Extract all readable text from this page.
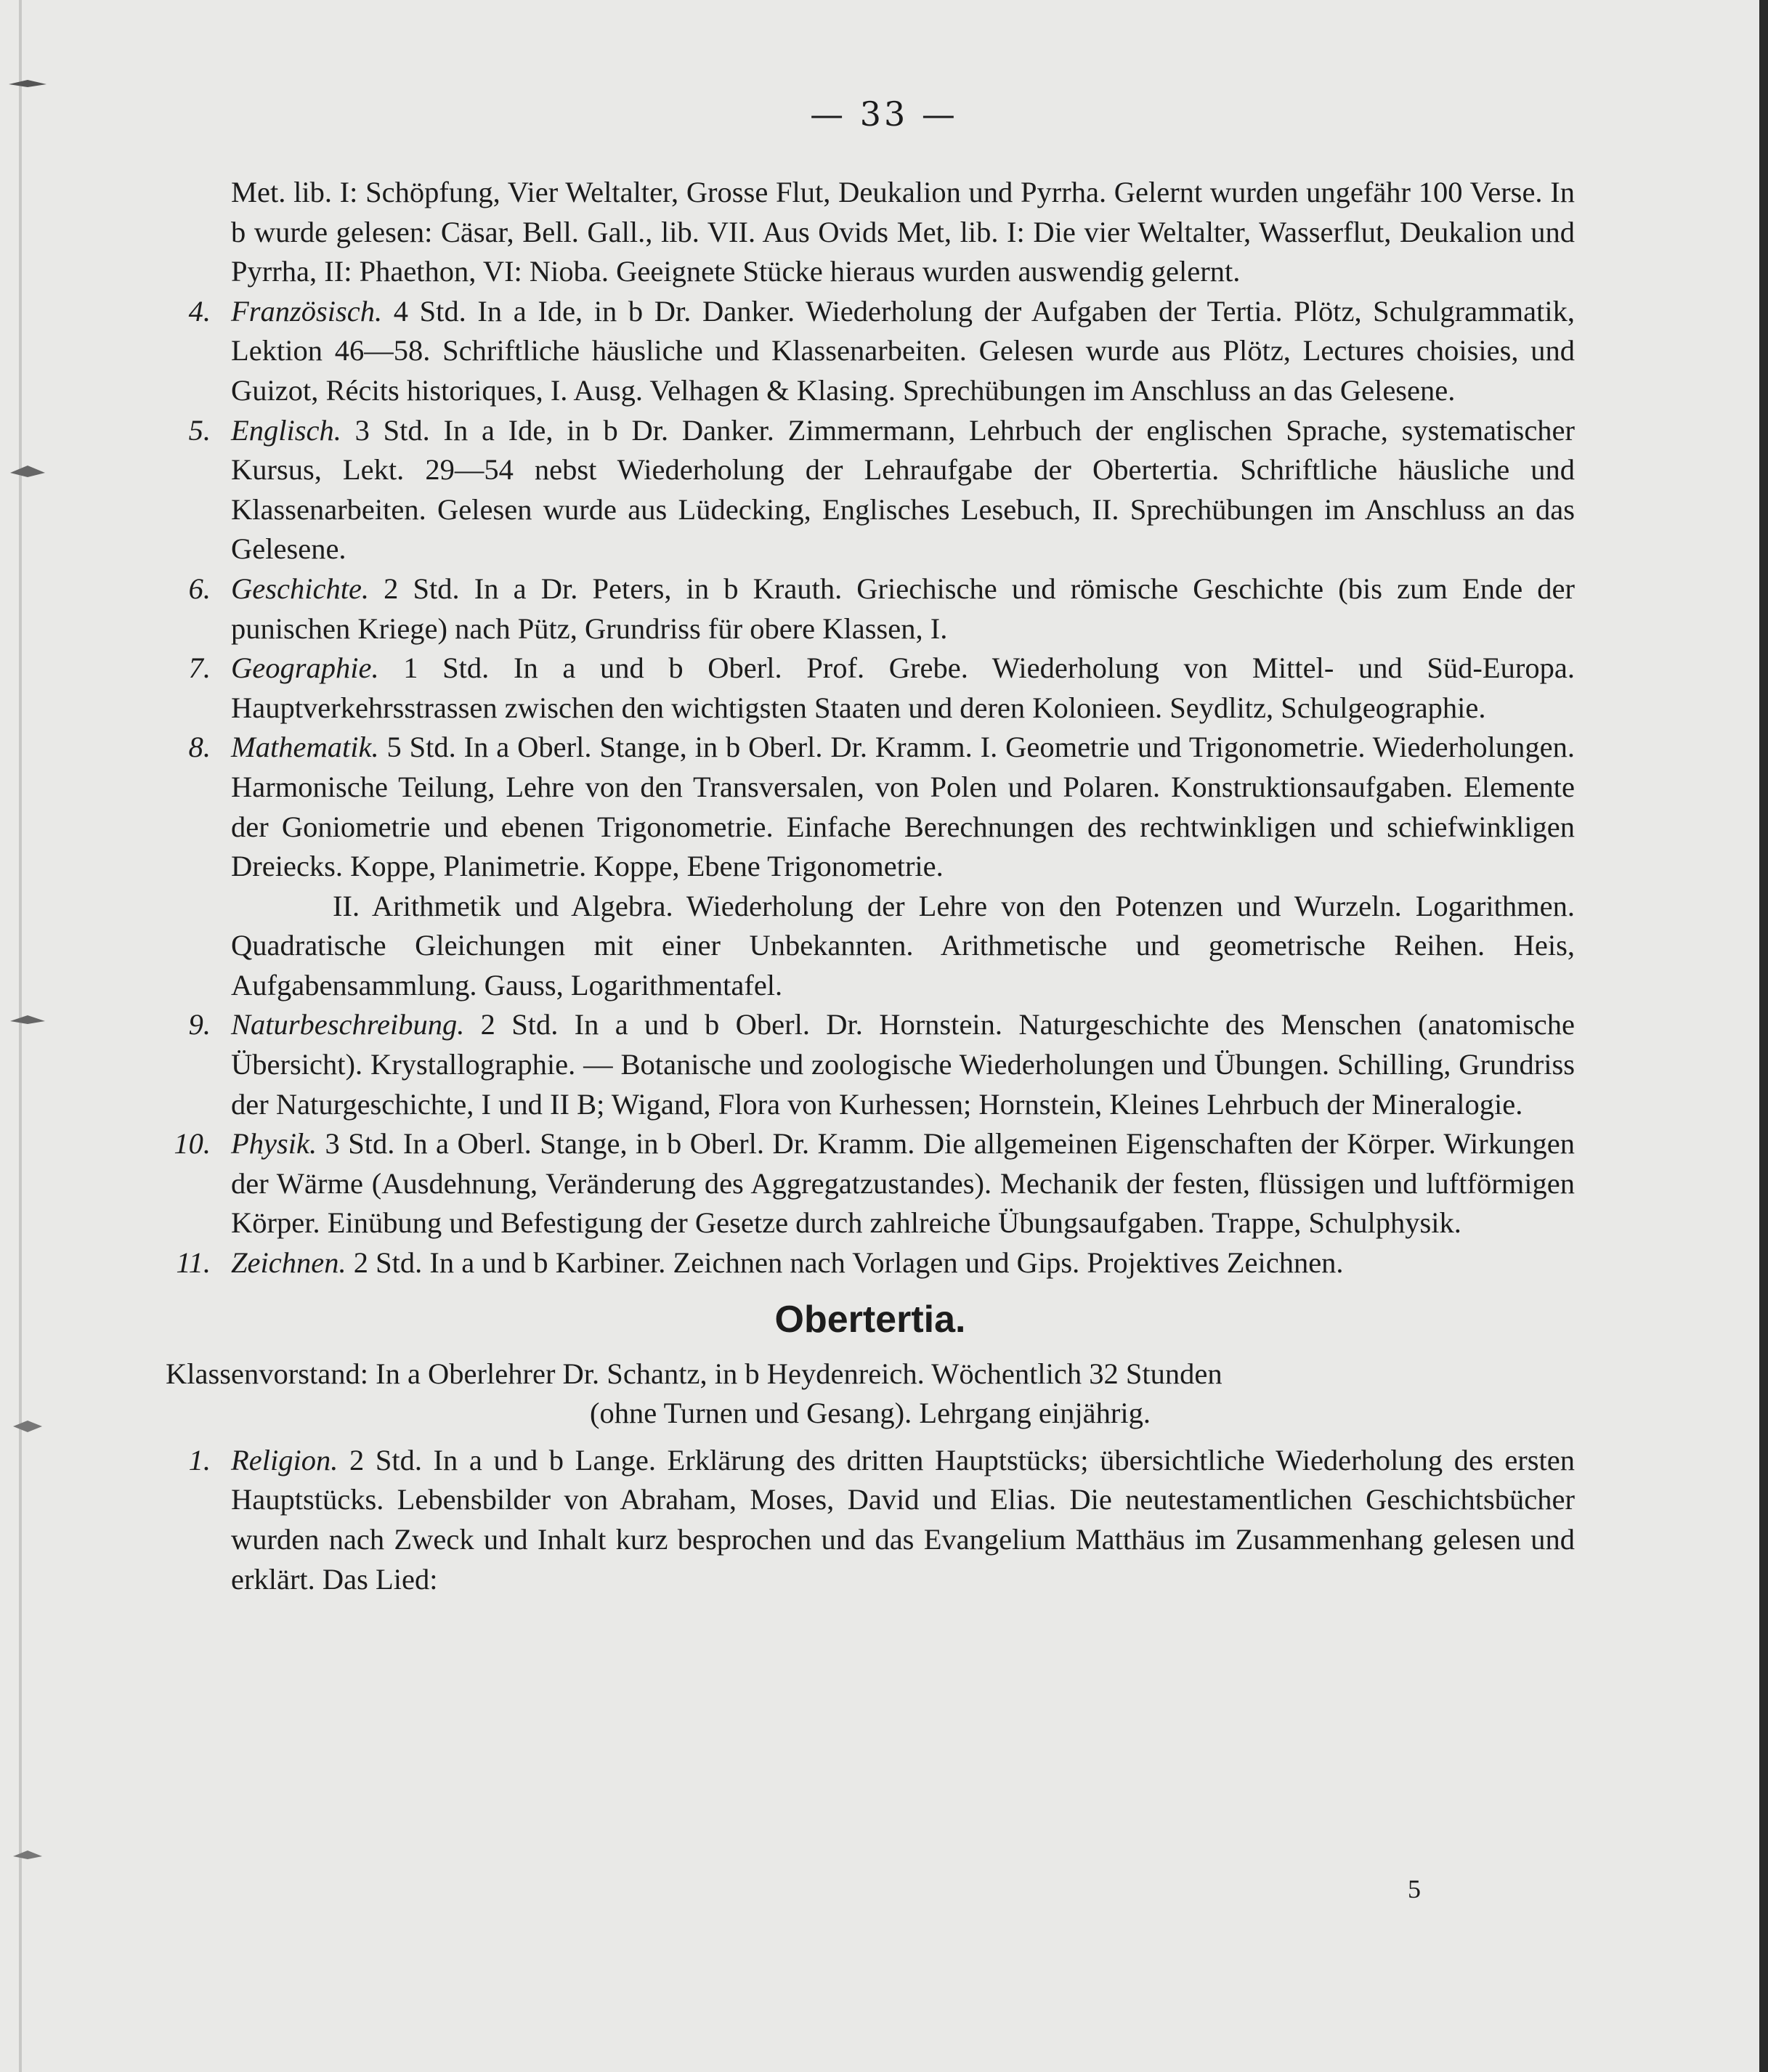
— 33 —

Met. lib. I: Schöpfung, Vier Weltalter, Grosse Flut, Deukalion und Pyrrha. Gelernt wurden ungefähr 100 Verse. In b wurde gelesen: Cäsar, Bell. Gall., lib. VII. Aus Ovids Met, lib. I: Die vier Weltalter, Wasserflut, Deukalion und Pyrrha, II: Phaethon, VI: Nioba. Geeignete Stücke hieraus wurden auswendig gelernt.

4. Französisch. 4 Std. In a Ide, in b Dr. Danker. Wiederholung der Aufgaben der Tertia. Plötz, Schulgrammatik, Lektion 46—58. Schriftliche häusliche und Klassenarbeiten. Gelesen wurde aus Plötz, Lectures choisies, und Guizot, Récits historiques, I. Ausg. Velhagen & Klasing. Sprechübungen im Anschluss an das Gelesene.

5. Englisch. 3 Std. In a Ide, in b Dr. Danker. Zimmermann, Lehrbuch der englischen Sprache, systematischer Kursus, Lekt. 29—54 nebst Wiederholung der Lehraufgabe der Obertertia. Schriftliche häusliche und Klassenarbeiten. Gelesen wurde aus Lüdecking, Englisches Lesebuch, II. Sprechübungen im Anschluss an das Gelesene.

6. Geschichte. 2 Std. In a Dr. Peters, in b Krauth. Griechische und römische Geschichte (bis zum Ende der punischen Kriege) nach Pütz, Grundriss für obere Klassen, I.

7. Geographie. 1 Std. In a und b Oberl. Prof. Grebe. Wiederholung von Mittel- und Süd-Europa. Hauptverkehrsstrassen zwischen den wichtigsten Staaten und deren Kolonieen. Seydlitz, Schulgeographie.

8. Mathematik. 5 Std. In a Oberl. Stange, in b Oberl. Dr. Kramm. I. Geometrie und Trigonometrie. Wiederholungen. Harmonische Teilung, Lehre von den Transversalen, von Polen und Polaren. Konstruktionsaufgaben. Elemente der Goniometrie und ebenen Trigonometrie. Einfache Berechnungen des rechtwinkligen und schiefwinkligen Dreiecks. Koppe, Planimetrie. Koppe, Ebene Trigonometrie.

II. Arithmetik und Algebra. Wiederholung der Lehre von den Potenzen und Wurzeln. Logarithmen. Quadratische Gleichungen mit einer Unbekannten. Arithmetische und geometrische Reihen. Heis, Aufgabensammlung. Gauss, Logarithmentafel.

9. Naturbeschreibung. 2 Std. In a und b Oberl. Dr. Hornstein. Naturgeschichte des Menschen (anatomische Übersicht). Krystallographie. — Botanische und zoologische Wiederholungen und Übungen. Schilling, Grundriss der Naturgeschichte, I und II B; Wigand, Flora von Kurhessen; Hornstein, Kleines Lehrbuch der Mineralogie.

10. Physik. 3 Std. In a Oberl. Stange, in b Oberl. Dr. Kramm. Die allgemeinen Eigenschaften der Körper. Wirkungen der Wärme (Ausdehnung, Veränderung des Aggregatzustandes). Mechanik der festen, flüssigen und luftförmigen Körper. Einübung und Befestigung der Gesetze durch zahlreiche Übungsaufgaben. Trappe, Schulphysik.

11. Zeichnen. 2 Std. In a und b Karbiner. Zeichnen nach Vorlagen und Gips. Projektives Zeichnen.

Obertertia.

Klassenvorstand: In a Oberlehrer Dr. Schantz, in b Heydenreich. Wöchentlich 32 Stunden

(ohne Turnen und Gesang). Lehrgang einjährig.

1. Religion. 2 Std. In a und b Lange. Erklärung des dritten Hauptstücks; übersichtliche Wiederholung des ersten Hauptstücks. Lebensbilder von Abraham, Moses, David und Elias. Die neutestamentlichen Geschichtsbücher wurden nach Zweck und Inhalt kurz besprochen und das Evangelium Matthäus im Zusammenhang gelesen und erklärt. Das Lied:

5
